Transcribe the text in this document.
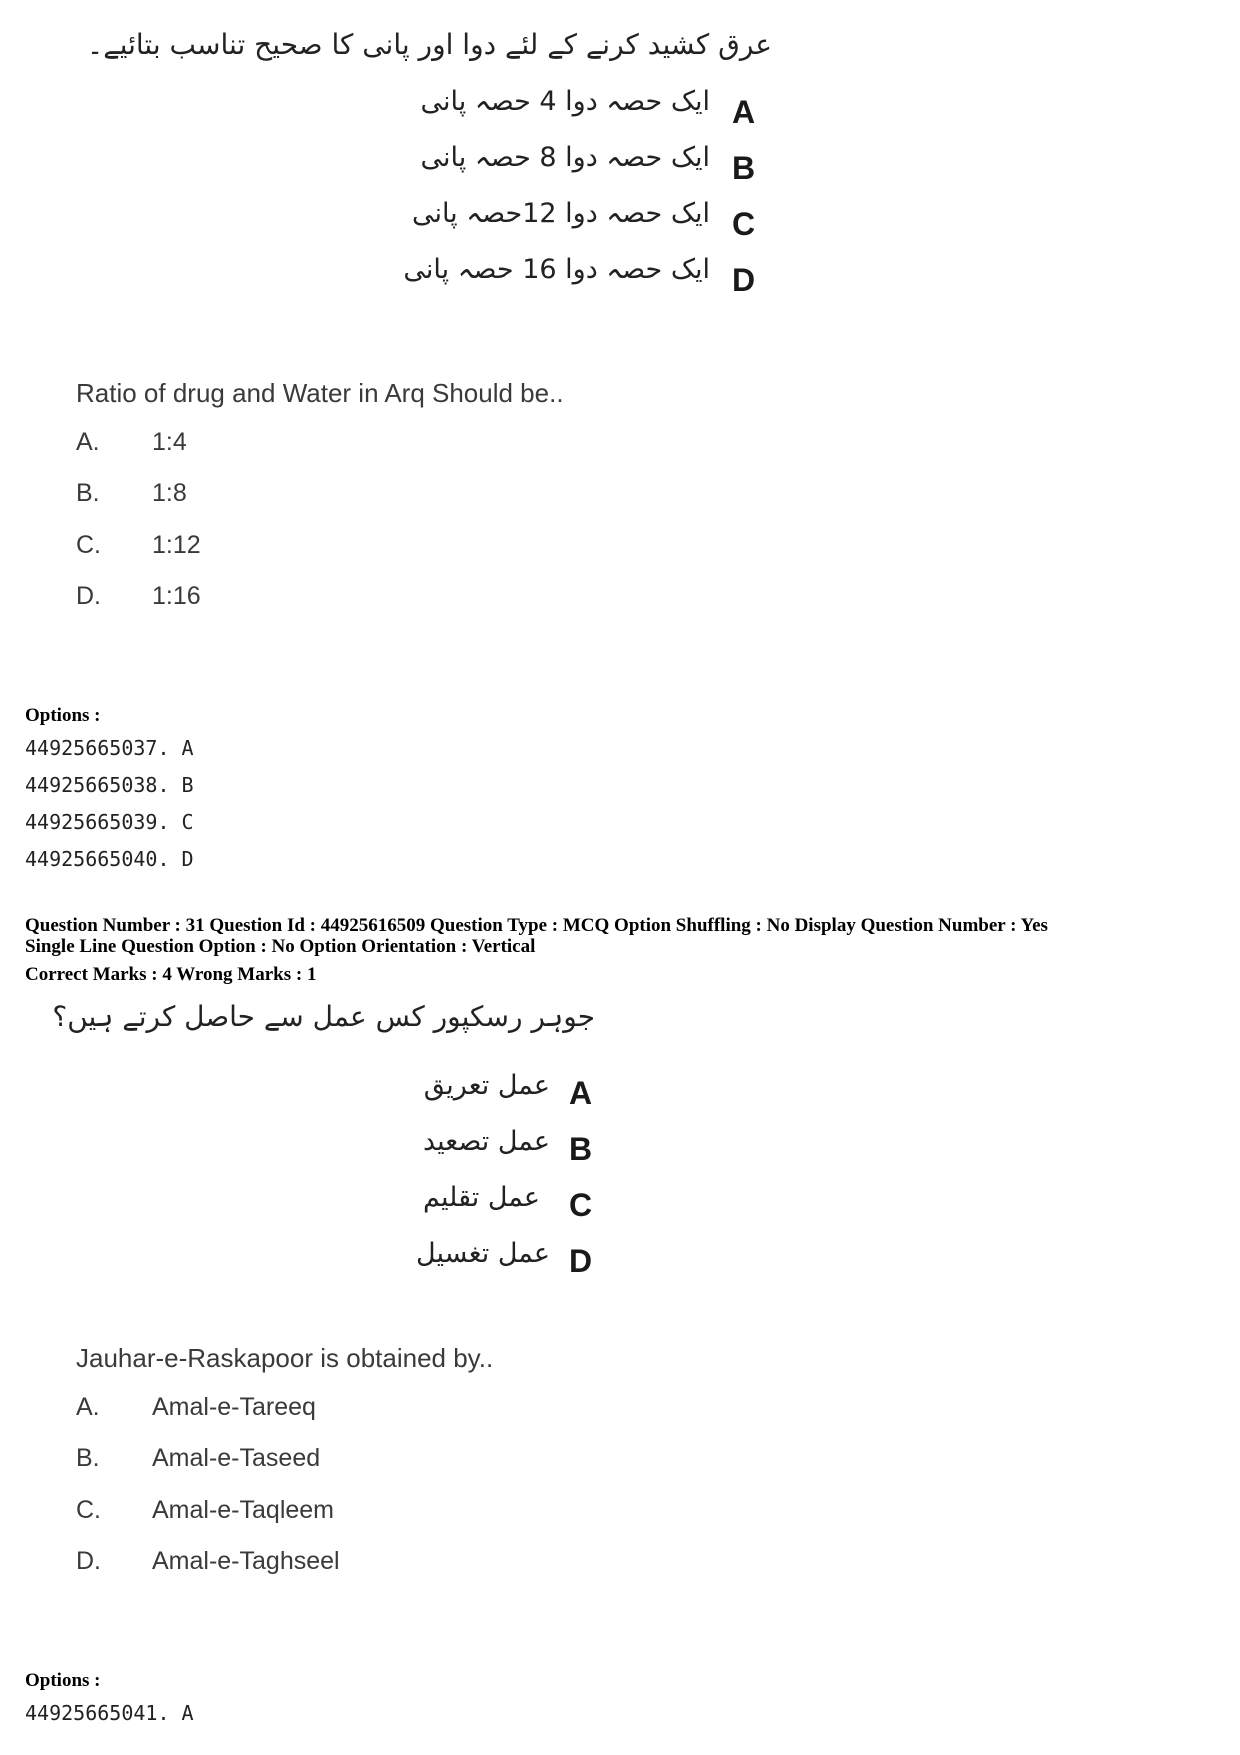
عرق کشید کرنے کے لئے دوا اور پانی کا صحیح تناسب بتائیے۔
ایک حصہ دوا 4 حصہ پانی A
ایک حصہ دوا 8 حصہ پانی B
ایک حصہ دوا 12حصہ پانی C
ایک حصہ دوا 16 حصہ پانی D
Ratio of drug and Water in Arq Should be..
A. 1:4
B. 1:8
C. 1:12
D. 1:16
Options :
44925665037. A
44925665038. B
44925665039. C
44925665040. D
Question Number : 31 Question Id : 44925616509 Question Type : MCQ Option Shuffling : No Display Question Number : Yes
Single Line Question Option : No Option Orientation : Vertical
Correct Marks : 4 Wrong Marks : 1
جوہر رسکپور کس عمل سے حاصل کرتے ہیں؟
عمل تعریق A
عمل تصعید B
عمل تقلیم C
عمل تغسیل D
Jauhar-e-Raskapoor is obtained by..
A. Amal-e-Tareeq
B. Amal-e-Taseed
C. Amal-e-Taqleem
D. Amal-e-Taghseel
Options :
44925665041. A
